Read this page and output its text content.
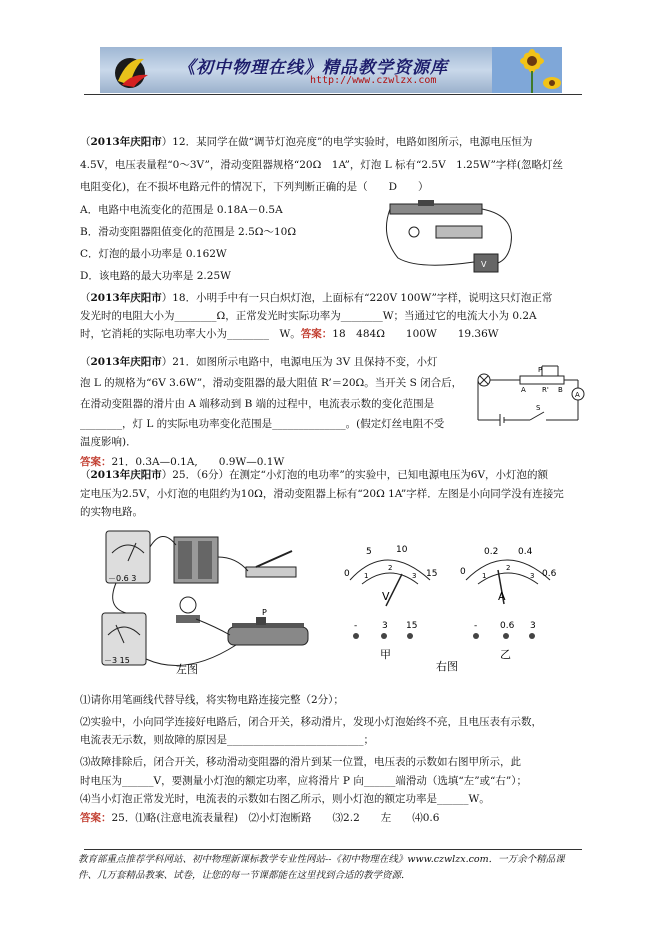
《初中物理在线》精品教学资源库
http://www.czwlzx.com
（2013年庆阳市）12．某同学在做“调节灯泡亮度”的电学实验时，电路如图所示，电源电压恒为
4.5V，电压表量程“0～3V”，滑动变阻器规格“20Ω　1A”，灯泡 L 标有“2.5V　1.25W”字样(忽略灯丝
电阻变化)，在不损坏电路元件的情况下，下列判断正确的是（　　D　　）
A．电路中电流变化的范围是 0.18A－0.5A
B．滑动变阻器阻值变化的范围是 2.5Ω～10Ω
C．灯泡的最小功率是 0.162W
D．该电路的最大功率是 2.25W
V
（2013年庆阳市）18．小明手中有一只白炽灯泡，上面标有“220V 100W”字样，说明这只灯泡正常
发光时的电阻大小为________Ω，正常发光时实际功率为________W；当通过它的电流大小为 0.2A
时，它消耗的实际电功率大小为________　W。答案：18　484Ω　　100W　　19.36W
（2013年庆阳市）21．如图所示电路中，电源电压为 3V 且保持不变，小灯
泡 L 的规格为“6V 3.6W”，滑动变阻器的最大阻值 R’＝20Ω。当开关 S 闭合后，
在滑动变阻器的滑片由 A 端移动到 B 端的过程中，电流表示数的变化范围是
________，灯 L 的实际电功率变化范围是______________。(假定灯丝电阻不受
温度影响)．
答案：21．0.3A—0.1A,　　0.9W—0.1W
P
A R' B
A
S
（2013年庆阳市）25．（6分）在测定“小灯泡的电功率”的实验中，已知电源电压为6V，小灯泡的额
定电压为2.5V，小灯泡的电阻约为10Ω，滑动变阻器上标有“20Ω 1A”字样．左图是小向同学没有连接完
的实物电路。
－0.6 3
－3 15
P
左图
0
5	10
15
1
2
3
V
-	3 15
甲
0
0.2 0.4
0.6
1
2
3
A
-	0.6 3
乙
右图
⑴请你用笔画线代替导线，将实物电路连接完整（2分）；
⑵实验中，小向同学连接好电路后，闭合开关，移动滑片，发现小灯泡始终不亮，且电压表有示数，
电流表无示数，则故障的原因是__________________________；
⑶故障排除后，闭合开关，移动滑动变阻器的滑片到某一位置，电压表的示数如右图甲所示，此
时电压为______V，要测量小灯泡的额定功率，应将滑片 P 向______端滑动（选填“左”或“右”）；
⑷当小灯泡正常发光时，电流表的示数如右图乙所示，则小灯泡的额定功率是______W。
答案：25．⑴略(注意电流表量程)　⑵小灯泡断路　　⑶2.2　　左　　⑷0.6
教育部重点推荐学科网站、初中物理新课标教学专业性网站--《初中物理在线》www.czwlzx.com．一万余个精品课
件、几万套精品教案、试卷，让您的每一节课都能在这里找到合适的教学资源．
